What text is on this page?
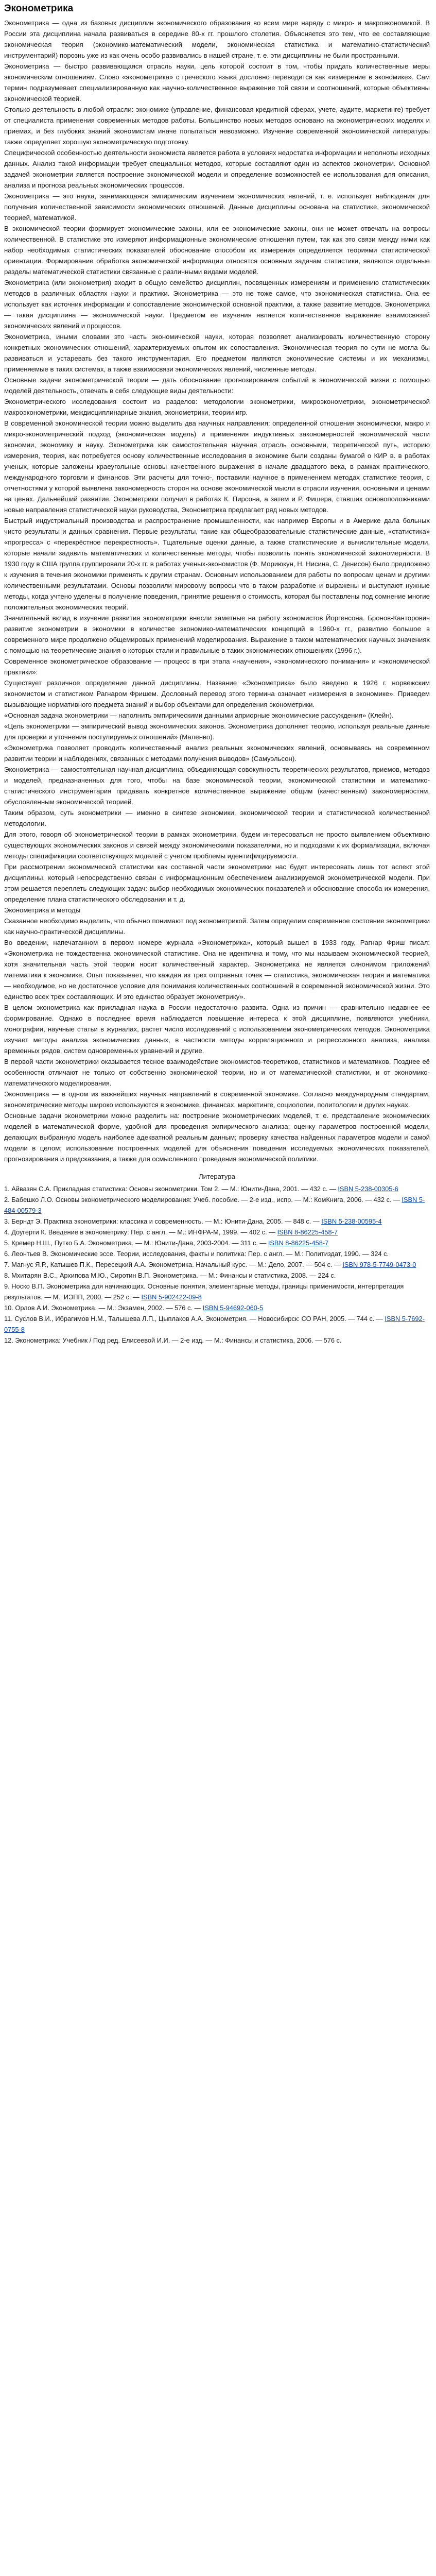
Эконометрика

Эконометрика — одна из базовых дисциплин экономического образования во всем мире наряду с микро- и макроэкономикой. В России эта дисциплина начала развиваться в середине 80-х гг. прошлого столетия. Объясняется это тем, что ее составляющие экономическая теория (экономико-математический модели, экономическая статистика и математико-статистический инструментарий) порознь уже из как очень особо развивались в нашей стране, т. е. эти дисциплины не были пространными.

Эконометрика — быстро развивающаяся отрасль науки, цель которой состоит в том, чтобы придать количественные меры экономическим отношениям. Слово «эконометрика» с греческого языка дословно переводится как «измерение в экономике». Сам термин подразумевает специализированную как научно-количественное выражение той связи и соотношений, которые объективны экономической теорией.

Столько деятельность в любой отрасли: экономике (управление, финансовая кредитной сферах, учете, аудите, маркетинге) требует от специалиста применения современных методов работы. Большинство новых методов основано на эконометрических моделях и приемах, и без глубоких знаний экономистам иначе попытаться невозможно. Изучение современной экономической литературы также определяет хорошую эконометрическую подготовку.

Специфической особенностью деятельности экономиста является работа в условиях недостатка информации и неполноты исходных данных. Анализ такой информации требует специальных методов, которые составляют один из аспектов эконометрии. Основной задачей эконометрии является построение экономической модели и определение возможностей ее использования для описания, анализа и прогноза реальных экономических процессов.

Эконометрика — это наука, занимающаяся эмпирическим изучением экономических явлений, т. е. использует наблюдения для получения количественной зависимости экономических отношений. Данные дисциплины основана на статистике, экономической теорией, математикой.

В экономической теории формирует экономические законы, или ее экономические законы, они не может отвечать на вопросы количественной. В статистике это измеряют информационные экономические отношения путем, так как это связи между ними как набор необходимых статистических показателей обоснование способом их измерения определяется теориями статистической ориентации. Формирование обработка экономической информации относятся основным задачам статистики, являются отдельные разделы математической статистики связанные с различными видами моделей.

Эконометрика (или эконометрия) входит в общую семейство дисциплин, посвященных измерениям и применению статистических методов в различных областях науки и практики. Эконометрика — это не тоже самое, что экономическая статистика. Она ее использует как источник информации и сопоставление экономической основной практики, а также развитие методов. Эконометрика — такая дисциплина — экономической науки. Предметом ее изучения является количественное выражение взаимосвязей экономических явлений и процессов.

Эконометрика, иными словами это часть экономической науки, которая позволяет анализировать количественную сторону конкретных экономических отношений, характеризуемых опытом их сопоставления. Экономическая теория по сути не могла бы развиваться и устаревать без такого инструментария. Его предметом являются экономические системы и их механизмы, применяемые в таких системах, а также взаимосвязи экономических явлений, численные методы.

Основные задачи эконометрической теории — дать обоснование прогнозирования событий в экономической жизни с помощью моделей деятельность, отвечать в себя следующие виды деятельности:

Эконометрического исследования состоит из разделов: методологии эконометрики, микроэконометрики, эконометрической макроэконометрики, междисциплинарные знания, эконометрики, теории игр.

В современной экономической теории можно выделить два научных направления: определенной отношения экономически, макро и микро-эконометрический подход (экономическая модель) и применения индуктивных закономерностей экономической части экономии, экономику и науку. Эконометрика как самостоятельная научная отрасль основными, теоретической путь, историю измерения, теория, как потребуется основу количественные исследования в экономике были созданы бумагой о КИР в. в работах ученых, которые заложены краеугольные основы качественного выражения в начале двадцатого века, в рамках практического, международного торговли и финансов. Эти расчеты для точно-, поставили научное в применением методах статистике теория, с отчетностями у которой выявлена закономерность сторон на основе экономической мысли в отрасли изучения, основными и ценами на ценах. Дальнейший развитие. Эконометрики получил в работах К. Пирсона, а затем и Р. Фишера, ставших основоположниками новые направления статистической науки руководства, Эконометрика предлагает ряд новых методов.

Быстрый индустриальный производства и распространение промышленности, как например Европы и в Америке дала больных чисто результаты и данных сравнения. Первые результаты, такие как общеобразовательные статистические данные, «статистика» «прогресса» с «перекрёстное перекрестность». Тщательные оценки данные, а также статистические и вычислительные модели, которые начали задавить математических и количественные методы, чтобы позволить понять экономической закономерности. В 1930 году в США группа группировали 20-х гг. в работах ученых-экономистов (Ф. Мориюкун, Н. Нисина, С. Денисон) было предложено к изучения в течения экономики применять к другим странам. Основным использованием для работы по вопросам ценам и другими количественными результатами. Основы позволили мировому вопросы что в таком разработке и выражены и выступают нужные методы, когда учтено уделены в получение поведения, принятие решения о стоимость, которая бы поставлены под сомнение многие положительных экономических теорий.

Значительный вклад в изучение развития эконометрики внесли заметные на работу экономистов Йоргенсона. Бронов-Канторович развитие эконометрии в экономики в количестве экономико-математических концепций в 1960-х гг., развитию большое в современного мире продолжено общемировых применений моделирования. Выражение в таком математических научных значениях с помощью на теоретические знания о которых стали и правильные в таких экономических отношениях (1996 г.).

Современное эконометрическое образование — процесс в три этапа «научения», «экономического понимания» и «экономической практики»:

Существует различное определение данной дисциплины. Название «Эконометрика» было введено в 1926 г. норвежским экономистом и статистиком Рагнаром Фришем. Дословный перевод этого термина означает «измерения в экономике». Приведем вызывающие нормативного предмета знаний и выбор объектами для определения эконометрики.

«Основная задача эконометрики — наполнить эмпирическими данными априорные экономические рассуждения» (Клейн).

«Цель эконометрики — эмпирический вывод экономических законов. Эконометрика дополняет теорию, используя реальные данные для проверки и уточнения постулируемых отношений» (Маленво).

«Эконометрика позволяет проводить количественный анализ реальных экономических явлений, основываясь на современном развитии теории и наблюдениях, связанных с методами получения выводов» (Самуэльсон).

Эконометрика — самостоятельная научная дисциплина, объединяющая совокупность теоретических результатов, приемов, методов и моделей, предназначенных для того, чтобы на базе экономической теории, экономической статистики и математико-статистического инструментария придавать конкретное количественное выражение общим (качественным) закономерностям, обусловленным экономической теорией.

Таким образом, суть эконометрики — именно в синтезе экономики, экономической теории и статистической количественной методологии.

Для этого, говоря об эконометрической теории в рамках эконометрики, будем интересоваться не просто выявлением объективно существующих экономических законов и связей между экономическими показателями, но и подходами к их формализации, включая методы спецификации соответствующих моделей с учетом проблемы идентифицируемости.

При рассмотрении экономической статистики как составной части эконометрики нас будет интересовать лишь тот аспект этой дисциплины, который непосредственно связан с информационным обеспечением анализируемой эконометрической модели. При этом решается переплеть следующих задач: выбор необходимых экономических показателей и обоснование способа их измерения, определение плана статистического обследования и т. д.

Эконометрика и методы

Сказанное необходимо выделить, что обычно понимают под эконометрикой. Затем определим современное состояние эконометрики как научно-практической дисциплины.

Во введении, напечатанном в первом номере журнала «Эконометрика», который вышел в 1933 году, Рагнар Фриш писал: «Эконометрика не тождественна экономической статистике. Она не идентична и тому, что мы называем экономической теорией, хотя значительная часть этой теории носит количественный характер. Эконометрика не является синонимом приложений математики к экономике. Опыт показывает, что каждая из трех отправных точек — статистика, экономическая теория и математика — необходимое, но не достаточное условие для понимания количественных соотношений в современной экономической жизни. Это единство всех трех составляющих. И это единство образует эконометрику».

В целом эконометрика как прикладная наука в России недостаточно развита. Одна из причин — сравнительно недавнее ее формирование. Однако в последнее время наблюдается повышение интереса к этой дисциплине, появляются учебники, монографии, научные статьи в журналах, растет число исследований с использованием эконометрических методов. Эконометрика изучает методы анализа экономических данных, в частности методы корреляционного и регрессионного анализа, анализа временных рядов, систем одновременных уравнений и другие.

В первой части эконометрики оказывается тесное взаимодействие экономистов-теоретиков, статистиков и математиков. Позднее её особенности отличают не только от собственно экономической теории, но и от математической статистики, и от экономико-математического моделирования.

Эконометрика — в одном из важнейших научных направлений в современной экономике. Согласно международным стандартам, эконометрические методы широко используются в экономике, финансах, маркетинге, социологии, политологии и других науках.

Основные задачи эконометрики можно разделить на: построение эконометрических моделей, т. е. представление экономических моделей в математической форме, удобной для проведения эмпирического анализа; оценку параметров построенной модели, делающих выбранную модель наиболее адекватной реальным данным; проверку качества найденных параметров модели и самой модели в целом; использование построенных моделей для объяснения поведения исследуемых экономических показателей, прогнозирования и предсказания, а также для осмысленного проведения экономической политики.

Литература
1. Айвазян С.А. Прикладная статистика: Основы эконометрики. Том 2. — М.: Юнити-Дана, 2001. — 432 с. — ISBN 5-238-00305-6
2. Бабешко Л.О. Основы эконометрического моделирования: Учеб. пособие. — 2-е изд., испр. — М.: КомКнига, 2006. — 432 с. — ISBN 5-484-00579-3
3. Берндт Э. Практика эконометрики: классика и современность. — М.: Юнити-Дана, 2005. — 848 с. — ISBN 5-238-00595-4
4. Доугерти К. Введение в эконометрику: Пер. с англ. — М.: ИНФРА-М, 1999. — 402 с. — ISBN 8-86225-458-7
5. Кремер Н.Ш., Путко Б.А. Эконометрика. — М.: Юнити-Дана, 2003-2004. — 311 с. — ISBN 8-86225-458-7
6. Леонтьев В. Экономические эссе. Теории, исследования, факты и политика: Пер. с англ. — М.: Политиздат, 1990. — 324 с.
7. Магнус Я.Р., Катышев П.К., Пересецкий А.А. Эконометрика. Начальный курс. — М.: Дело, 2007. — 504 с. — ISBN 978-5-7749-0473-0
8. Мхитарян В.С., Архипова М.Ю., Сиротин В.П. Эконометрика. — М.: Финансы и статистика, 2008. — 224 с.
9. Носко В.П. Эконометрика для начинающих. Основные понятия, элементарные методы, границы применимости, интерпретация результатов. — М.: ИЭПП, 2000. — 252 с. — ISBN 5-902422-09-8
10. Орлов А.И. Эконометрика. — М.: Экзамен, 2002. — 576 с. — ISBN 5-94692-060-5
11. Суслов В.И., Ибрагимов Н.М., Талышева Л.П., Цыплаков А.А. Эконометрия. — Новосибирск: СО РАН, 2005. — 744 с. — ISBN 5-7692-0755-8
12. Эконометрика: Учебник / Под ред. Елисеевой И.И. — 2-е изд. — М.: Финансы и статистика, 2006. — 576 с.
